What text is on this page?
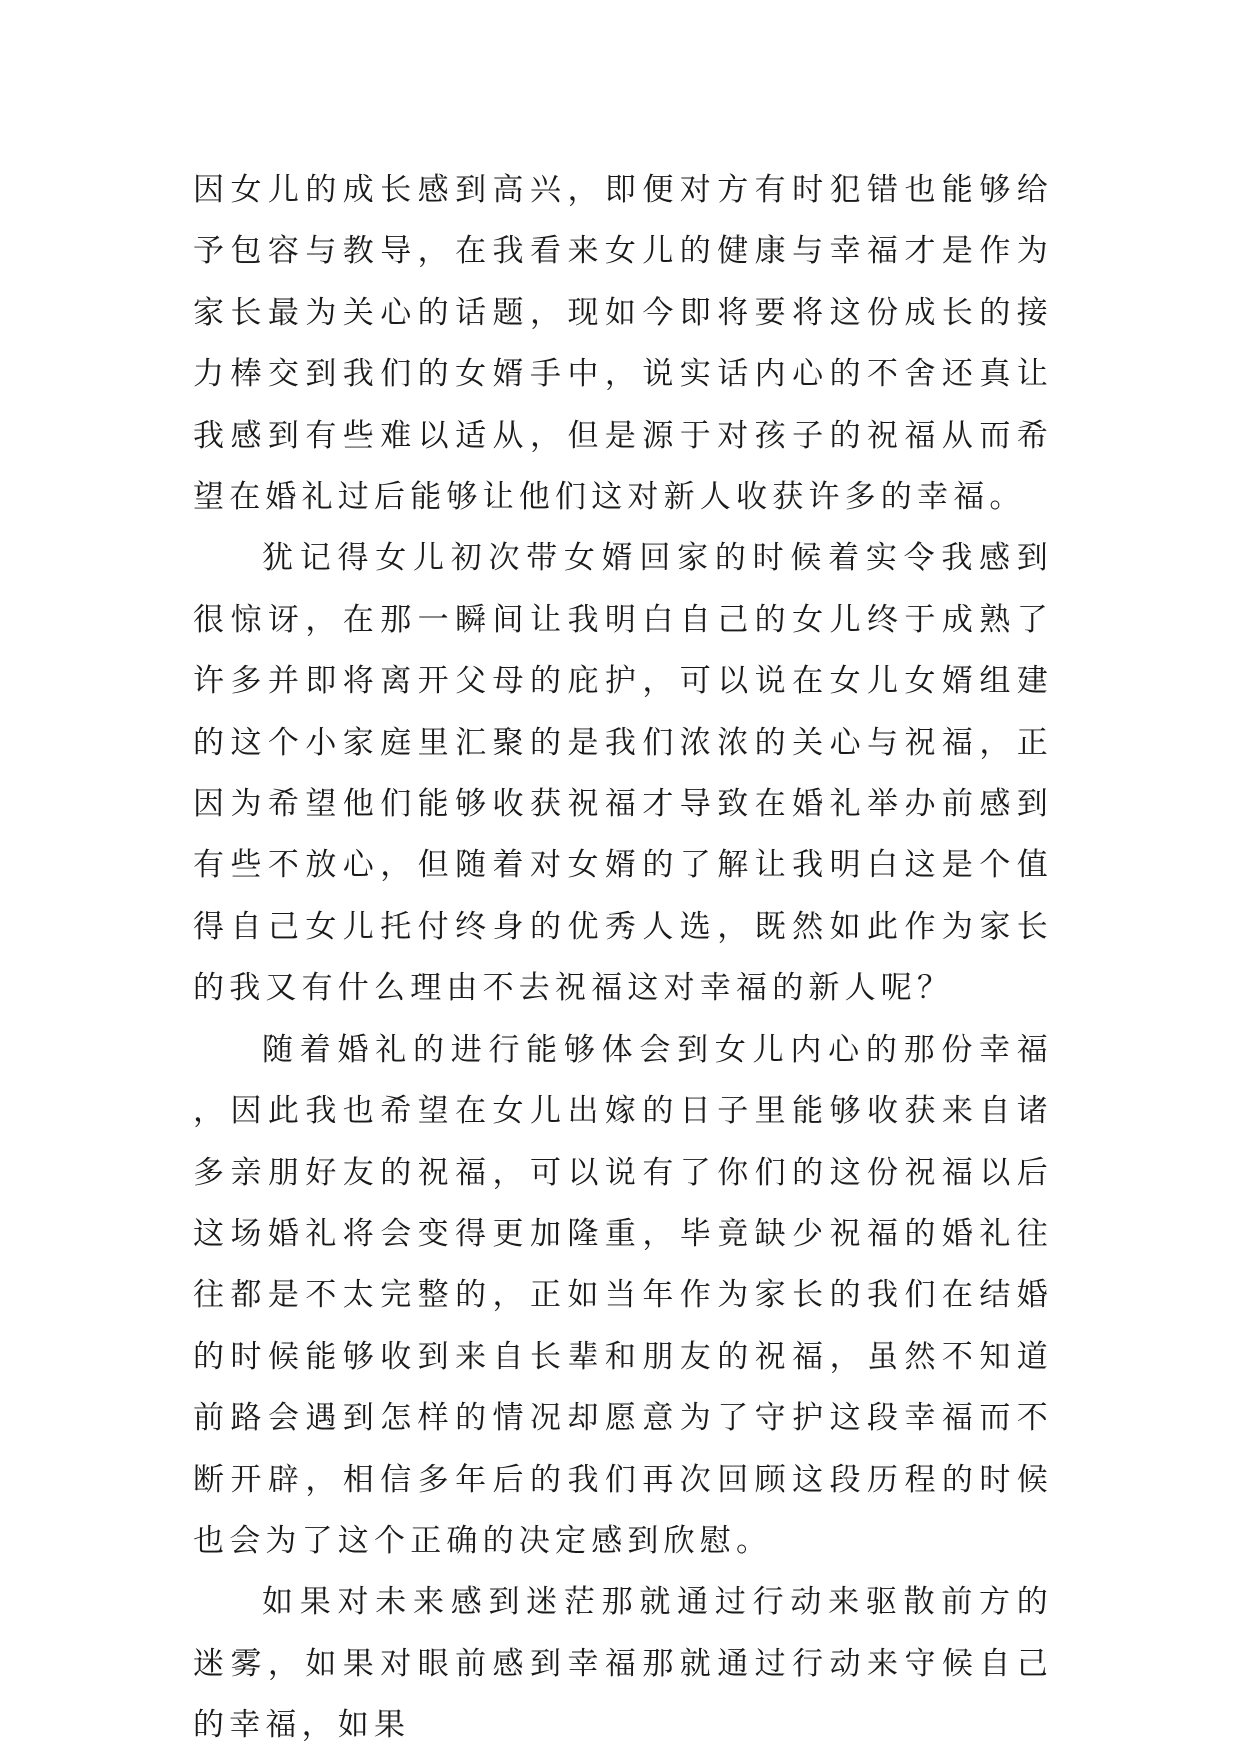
因女儿的成长感到高兴，即便对方有时犯错也能够给予包容与教导，在我看来女儿的健康与幸福才是作为家长最为关心的话题，现如今即将要将这份成长的接力棒交到我们的女婿手中，说实话内心的不舍还真让我感到有些难以适从，但是源于对孩子的祝福从而希望在婚礼过后能够让他们这对新人收获许多的幸福。

犹记得女儿初次带女婿回家的时候着实令我感到很惊讶，在那一瞬间让我明白自己的女儿终于成熟了许多并即将离开父母的庇护，可以说在女儿女婿组建的这个小家庭里汇聚的是我们浓浓的关心与祝福，正因为希望他们能够收获祝福才导致在婚礼举办前感到有些不放心，但随着对女婿的了解让我明白这是个值得自己女儿托付终身的优秀人选，既然如此作为家长的我又有什么理由不去祝福这对幸福的新人呢？

随着婚礼的进行能够体会到女儿内心的那份幸福，因此我也希望在女儿出嫁的日子里能够收获来自诸多亲朋好友的祝福，可以说有了你们的这份祝福以后这场婚礼将会变得更加隆重，毕竟缺少祝福的婚礼往往都是不太完整的，正如当年作为家长的我们在结婚的时候能够收到来自长辈和朋友的祝福，虽然不知道前路会遇到怎样的情况却愿意为了守护这段幸福而不断开辟，相信多年后的我们再次回顾这段历程的时候也会为了这个正确的决定感到欣慰。

如果对未来感到迷茫那就通过行动来驱散前方的迷雾，如果对眼前感到幸福那就通过行动来守候自己的幸福，如果
